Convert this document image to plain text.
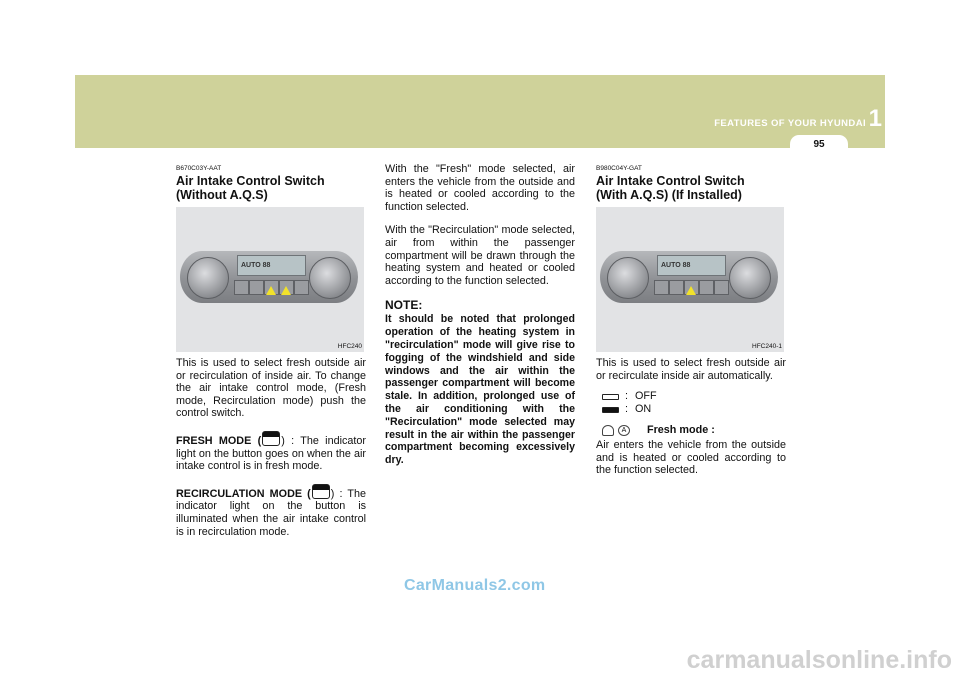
FEATURES OF YOUR HYUNDAI 1
95
B670C03Y-AAT
Air Intake Control Switch
(Without A.Q.S)
AUTO 88
HFC240
This is used to select fresh outside air or recirculation of inside air. To change the air intake control mode, (Fresh mode, Recirculation mode) push the control switch.
FRESH MODE ( ) : The indicator light on the button goes on when the air intake control is in fresh mode.
RECIRCULATION MODE ( ) : The indicator light on the button is illuminated when the air intake control is in recirculation mode.
With the "Fresh" mode selected, air enters the vehicle from the outside and is heated or cooled according to the function selected.
With the "Recirculation" mode selected, air from within the passenger compartment will be drawn through the heating system and heated or cooled according to the function selected.
NOTE:
It should be noted that prolonged operation of the heating system in "recirculation" mode will give rise to fogging of the windshield and side windows and the air within the passenger compartment will become stale. In addition, prolonged use of the air conditioning with the "Recirculation" mode selected may result in the air within the passenger compartment becoming excessively dry.
B980C04Y-GAT
Air Intake Control Switch
(With A.Q.S) (If Installed)
AUTO 88
HFC240-1
This is used to select fresh outside air or recirculate inside air automatically.
: OFF
: ON
A	Fresh mode :
Air enters the vehicle from the outside and is heated or cooled according to the function selected.
CarManuals2.com
carmanualsonline.info
